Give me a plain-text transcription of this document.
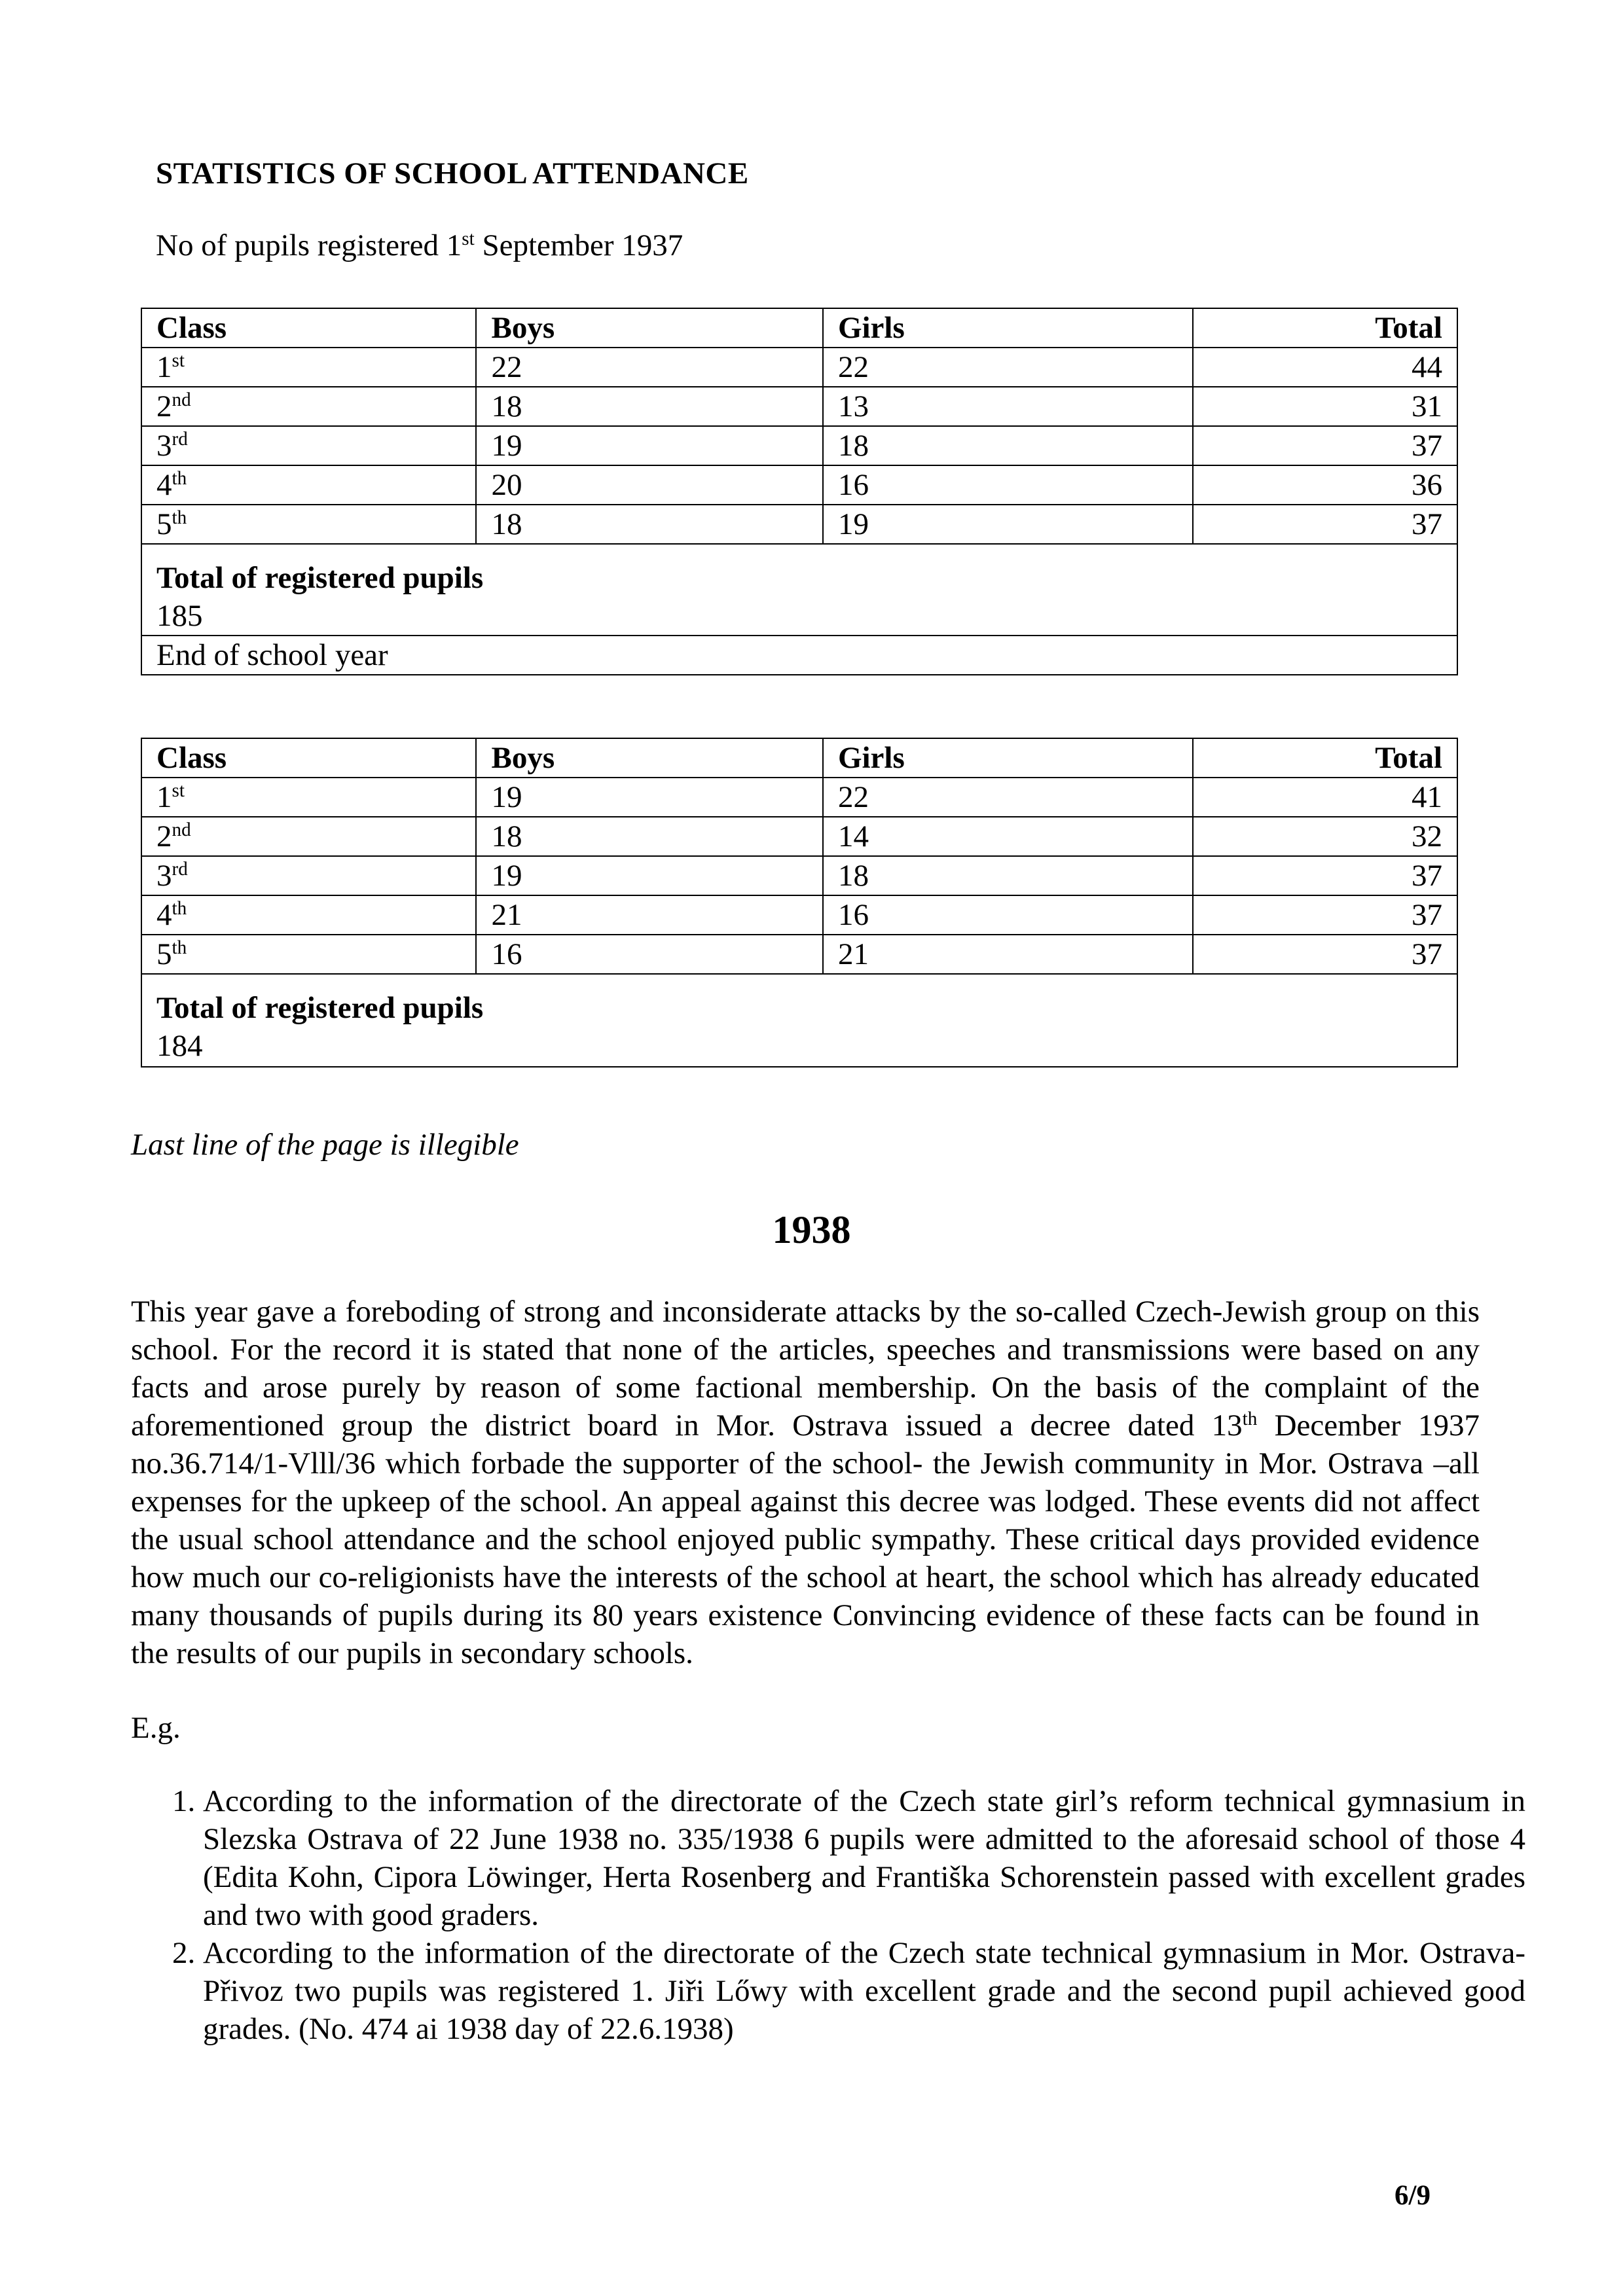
STATISTICS OF SCHOOL ATTENDANCE
No of pupils registered 1st September 1937
Class	Boys	Girls	Total
1st	22	22	44
2nd	18	13	31
3rd	19	18	37
4th	20	16	36
5th	18	19	37

Total of registered pupils
185			

End of school year			
Class	Boys	Girls	Total
1st	19	22	41
2nd	18	14	32
3rd	19	18	37
4th	21	16	37
5th	16	21	37

Total of registered pupils
184			
Last line of the page is illegible
1938
This year gave a foreboding of strong and inconsiderate attacks by the so-called Czech-Jewish group on this school. For the record it is stated that none of the articles, speeches and transmissions were based on any facts and arose purely by reason of some factional membership. On the basis of the complaint of the aforementioned group the district board in Mor. Ostrava issued a decree dated 13th December 1937 no.36.714/1-Vlll/36 which forbade the supporter of the school- the Jewish community in Mor. Ostrava –all expenses for the upkeep of the school. An appeal against this decree was lodged. These events did not affect the usual school attendance and the school enjoyed public sympathy. These critical days provided evidence how much our co-religionists have the interests of the school at heart, the school which has already educated many thousands of pupils during its 80 years existence Convincing evidence of these facts can be found in the results of our pupils in secondary schools.
E.g.
1. According to the information of the directorate of the Czech state girl’s reform technical gymnasium in Slezska Ostrava of 22 June 1938 no. 335/1938 6 pupils were admitted to the aforesaid school of those 4 (Edita Kohn, Cipora Löwinger, Herta Rosenberg and Františka Schorenstein passed with excellent grades and two with good graders.
2. According to the information of the directorate of the Czech state technical gymnasium in Mor. Ostrava- Přivoz two pupils was registered 1. Jiři Lőwy with excellent grade and the second pupil achieved good grades. (No. 474 ai 1938 day of 22.6.1938)
6/9
